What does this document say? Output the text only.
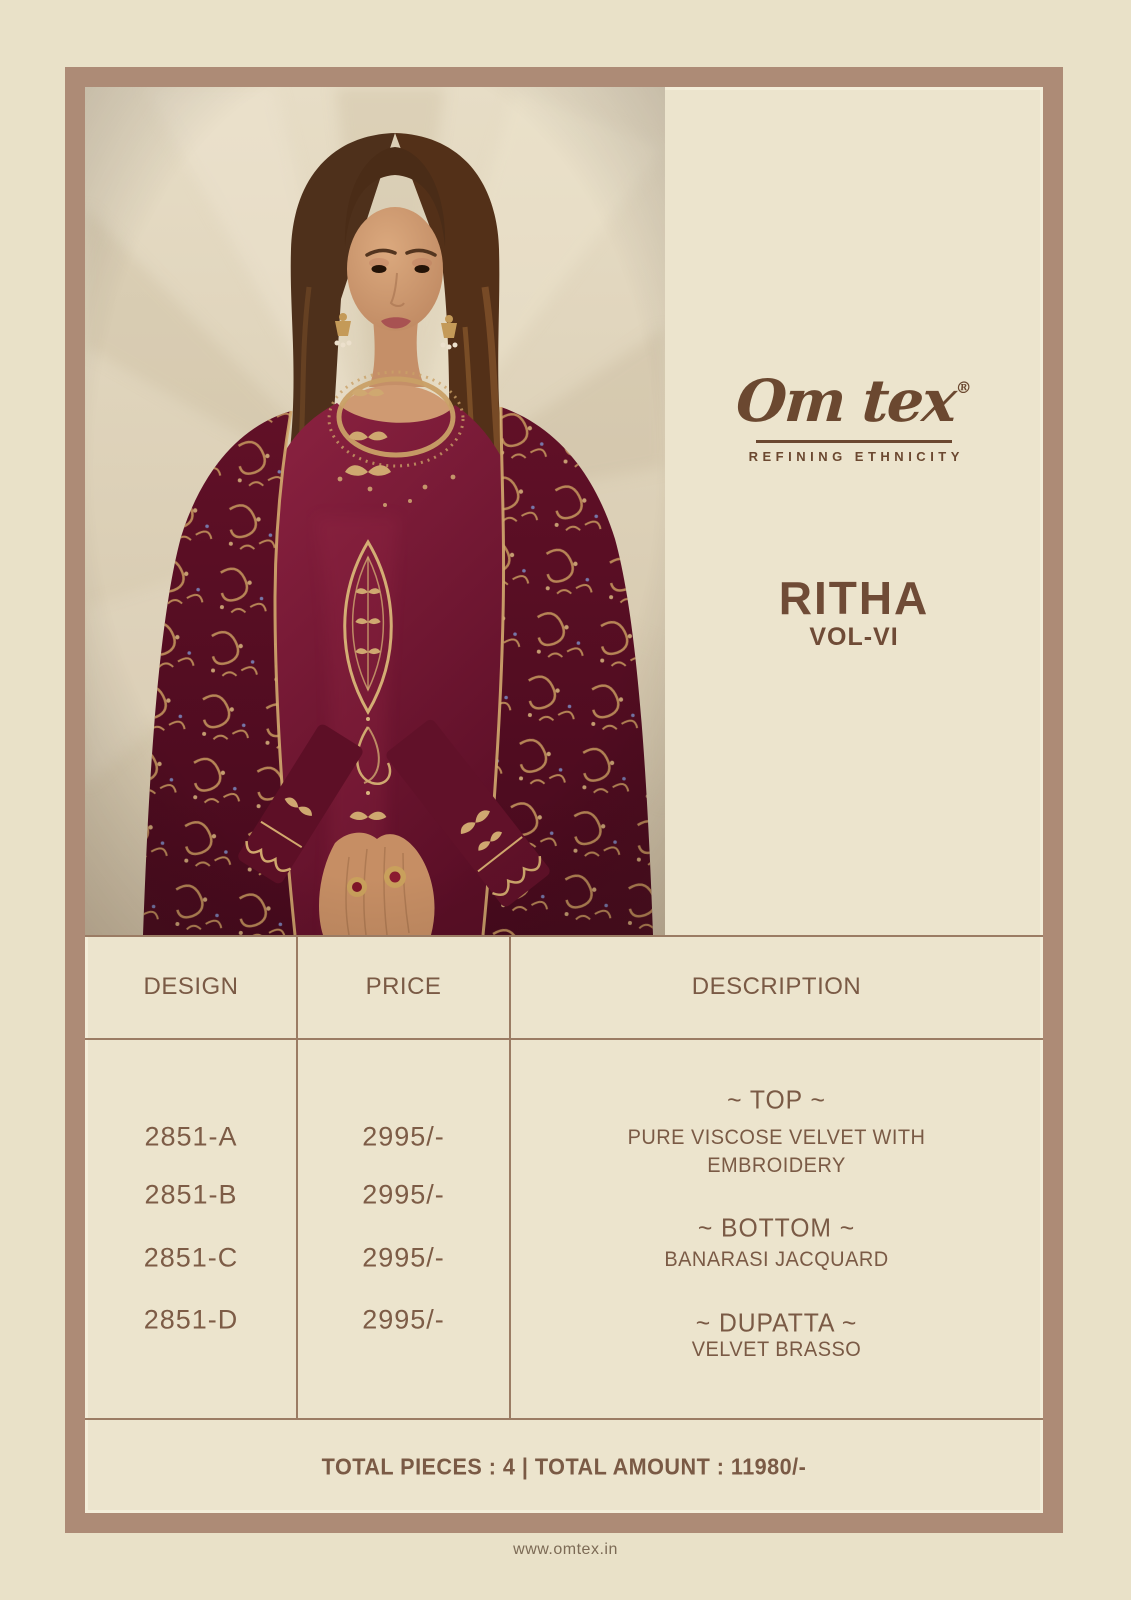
Om tex®
REFINING ETHNICITY
RITHA
VOL-VI
DESIGN	PRICE	DESCRIPTION
2851-A
2851-B
2851-C
2851-D
2995/-
2995/-
2995/-
2995/-
~ TOP ~
PURE VISCOSE VELVET WITH
EMBROIDERY
~ BOTTOM ~
BANARASI JACQUARD
~ DUPATTA ~
VELVET BRASSO
TOTAL PIECES : 4 | TOTAL AMOUNT : 11980/-
www.omtex.in
